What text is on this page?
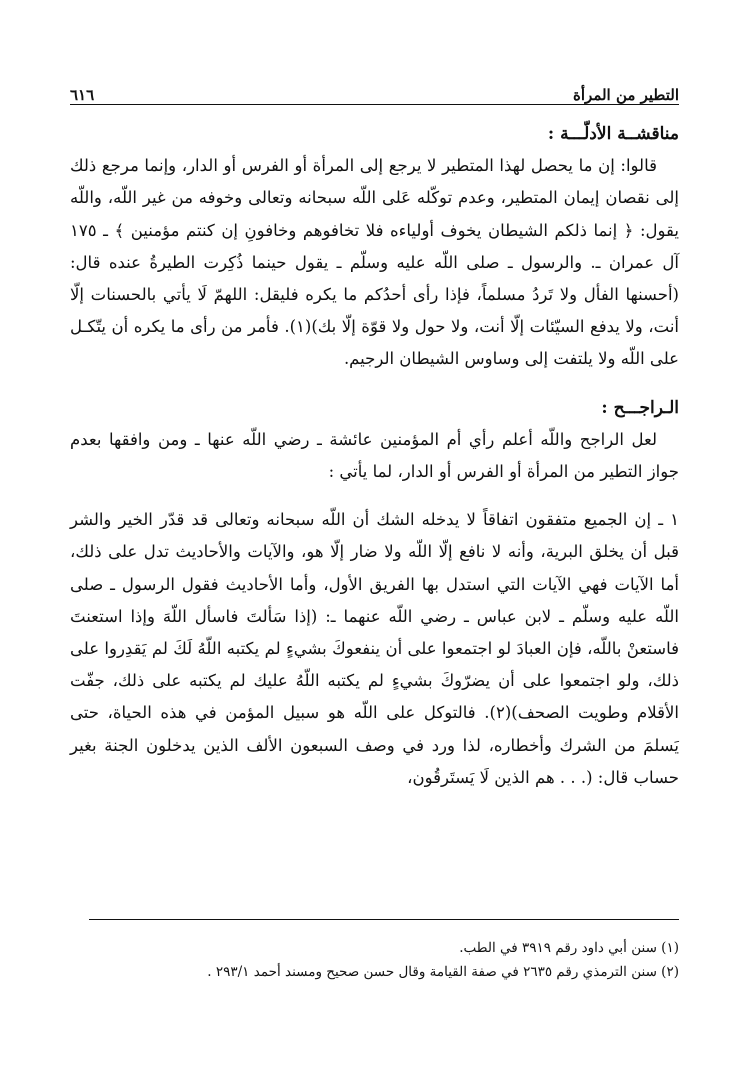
التطير من المرأة
٦١٦

مناقشــة الأدلّـــة :

قالوا: إن ما يحصل لهذا المتطير لا يرجع إلى المرأة أو الفرس أو الدار، وإنما مرجع ذلك إلى نقصان إيمان المتطير، وعدم توكّله عَلى اللّه سبحانه وتعالى وخوفه من غير اللّه، واللّه يقول: ﴿ إنما ذلكم الشيطان يخوف أولياءه فلا تخافوهم وخافونِ إن كنتم مؤمنين ﴾ ـ ١٧٥ آل عمران ـ. والرسول ـ صلى اللّه عليه وسلّم ـ يقول حينما ذُكِرت الطيرةُ عنده قال: (أحسنها الفأل ولا تَردُ مسلماً، فإذا رأى أحدُكم ما يكره فليقل: اللهمّ لَا يأتي بالحسنات إلّا أنت، ولا يدفع السيّئات إلّا أنت، ولا حول ولا قوّة إلّا بك)(١). فأمر من رأى ما يكره أن يتّكـل على اللّه ولا يلتفت إلى وساوس الشيطان الرجيم.

الـراجـــح :

لعل الراجح واللّه أعلم رأي أم المؤمنين عائشة ـ رضي اللّه عنها ـ ومن وافقها بعدم جواز التطير من المرأة أو الفرس أو الدار، لما يأتي :

١ ـ إن الجميع متفقون اتفاقاً لا يدخله الشك أن اللّه سبحانه وتعالى قد قدّر الخير والشر قبل أن يخلق البرية، وأنه لا نافع إلّا اللّه ولا ضار إلّا هو، والآيات والأحاديث تدل على ذلك، أما الآيات فهي الآيات التي استدل بها الفريق الأول، وأما الأحاديث فقول الرسول ـ صلى اللّه عليه وسلّم ـ لابن عباس ـ رضي اللّه عنهما ـ: (إذا سَألتَ فاسأل اللّهَ وإذا استعنتَ فاستعنْ باللّه، فإن العبادَ لو اجتمعوا على أن ينفعوكَ بشيءٍ لم يكتبه اللّهُ لَكَ لم يَقدِروا على ذلك، ولو اجتمعوا على أن يضرّوكَ بشيءٍ لم يكتبه اللّهُ عليك لم يكتبه على ذلك، جفّت الأقلام وطويت الصحف)(٢). فالتوكل على اللّه هو سبيل المؤمن في هذه الحياة، حتى يَسلمَ من الشرك وأخطاره، لذا ورد في وصف السبعون الألف الذين يدخلون الجنة بغير حساب قال: (. . . هم الذين لَا يَستَرقُون،

(١) سنن أبي داود رقم ٣٩١٩ في الطب.

(٢) سنن الترمذي رقم ٢٦٣٥ في صفة القيامة وقال حسن صحيح ومسند أحمد ٢٩٣/١ .
